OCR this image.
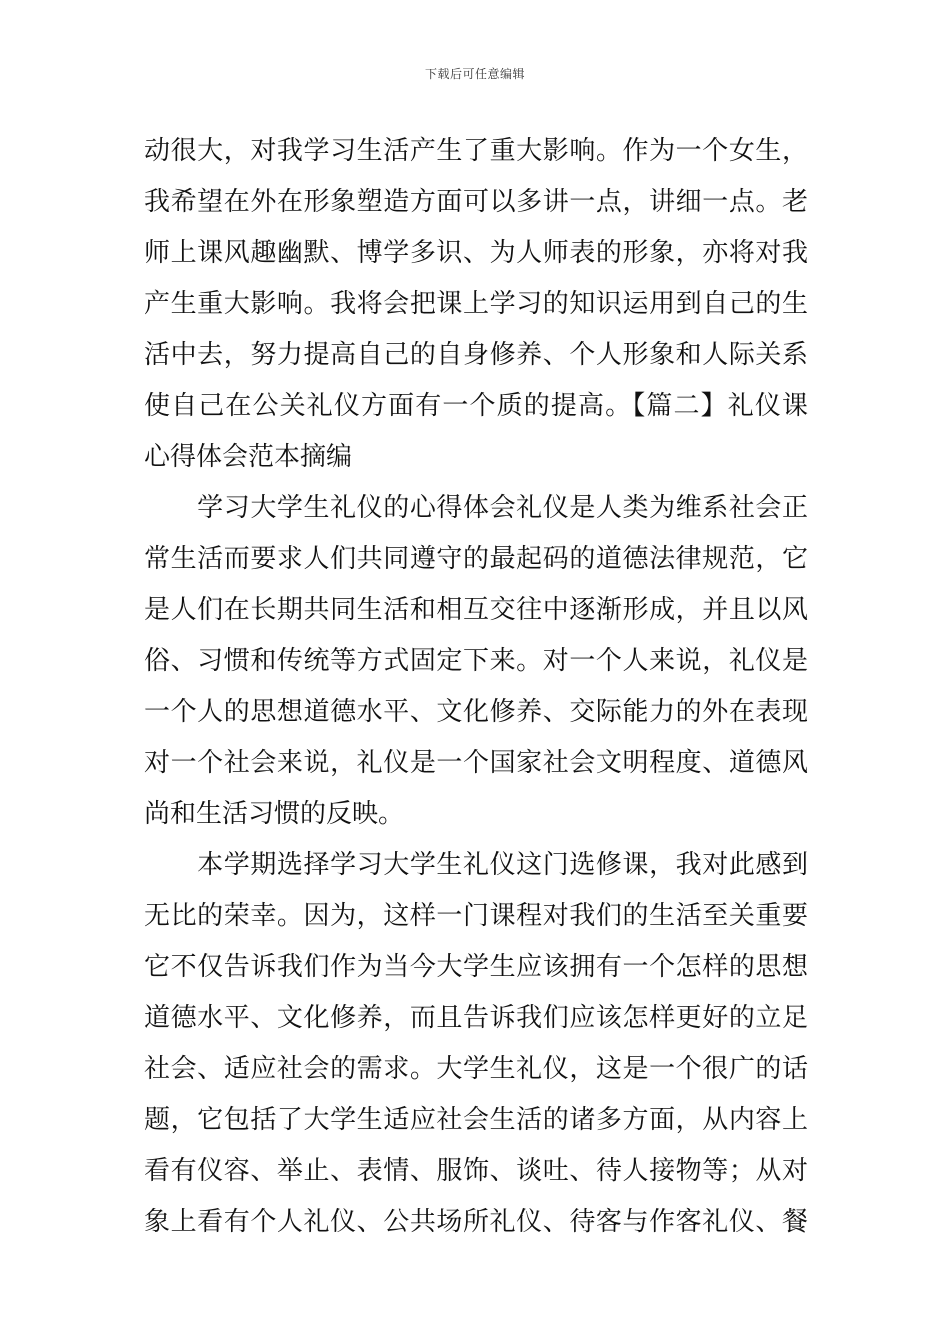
下载后可任意编辑
动很大，对我学习生活产生了重大影响。作为一个女生，
我希望在外在形象塑造方面可以多讲一点，讲细一点。老
师上课风趣幽默、博学多识、为人师表的形象，亦将对我
产生重大影响。我将会把课上学习的知识运用到自己的生
活中去，努力提高自己的自身修养、个人形象和人际关系
使自己在公关礼仪方面有一个质的提高。【篇二】礼仪课
心得体会范本摘编
　　学习大学生礼仪的心得体会礼仪是人类为维系社会正
常生活而要求人们共同遵守的最起码的道德法律规范，它
是人们在长期共同生活和相互交往中逐渐形成，并且以风
俗、习惯和传统等方式固定下来。对一个人来说，礼仪是
一个人的思想道德水平、文化修养、交际能力的外在表现
对一个社会来说，礼仪是一个国家社会文明程度、道德风
尚和生活习惯的反映。
　　本学期选择学习大学生礼仪这门选修课，我对此感到
无比的荣幸。因为，这样一门课程对我们的生活至关重要
它不仅告诉我们作为当今大学生应该拥有一个怎样的思想
道德水平、文化修养，而且告诉我们应该怎样更好的立足
社会、适应社会的需求。大学生礼仪，这是一个很广的话
题，它包括了大学生适应社会生活的诸多方面，从内容上
看有仪容、举止、表情、服饰、谈吐、待人接物等；从对
象上看有个人礼仪、公共场所礼仪、待客与作客礼仪、餐
